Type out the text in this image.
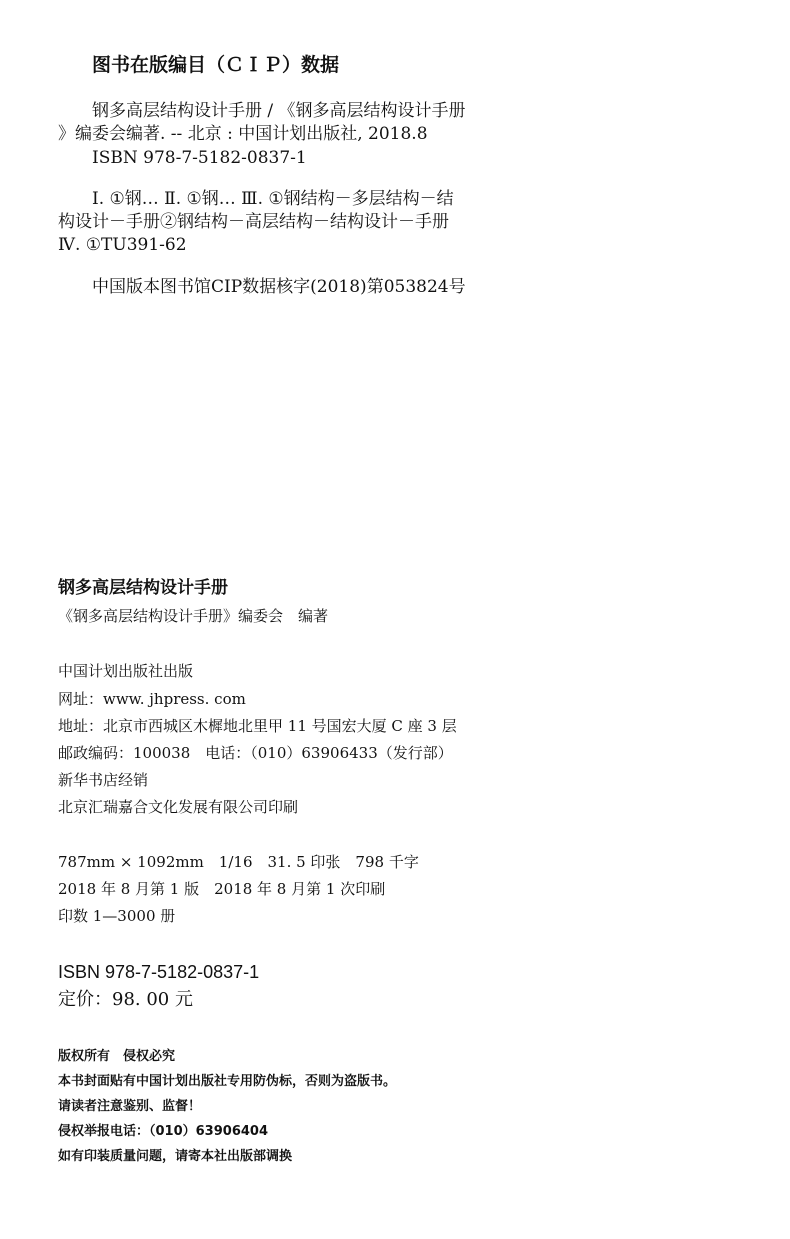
图书在版编目（ＣＩＰ）数据
钢多高层结构设计手册 / 《钢多高层结构设计手册
》编委会编著. -- 北京 : 中国计划出版社, 2018.8
ISBN 978-7-5182-0837-1
Ⅰ. ①钢… Ⅱ. ①钢… Ⅲ. ①钢结构－多层结构－结
构设计－手册②钢结构－高层结构－结构设计－手册
Ⅳ. ①TU391-62
中国版本图书馆CIP数据核字(2018)第053824号
钢多高层结构设计手册
《钢多高层结构设计手册》编委会　编著
中国计划出版社出版
网址：www. jhpress. com
地址：北京市西城区木樨地北里甲 11 号国宏大厦 C 座 3 层
邮政编码：100038　电话：（010）63906433（发行部）
新华书店经销
北京汇瑞嘉合文化发展有限公司印刷
787mm × 1092mm　1/16　31. 5 印张　798 千字
2018 年 8 月第 1 版　2018 年 8 月第 1 次印刷
印数 1—3000 册
ISBN 978-7-5182-0837-1
定价：98. 00 元
版权所有　侵权必究
本书封面贴有中国计划出版社专用防伪标，否则为盗版书。
请读者注意鉴别、监督！
侵权举报电话：（010）63906404
如有印装质量问题，请寄本社出版部调换
